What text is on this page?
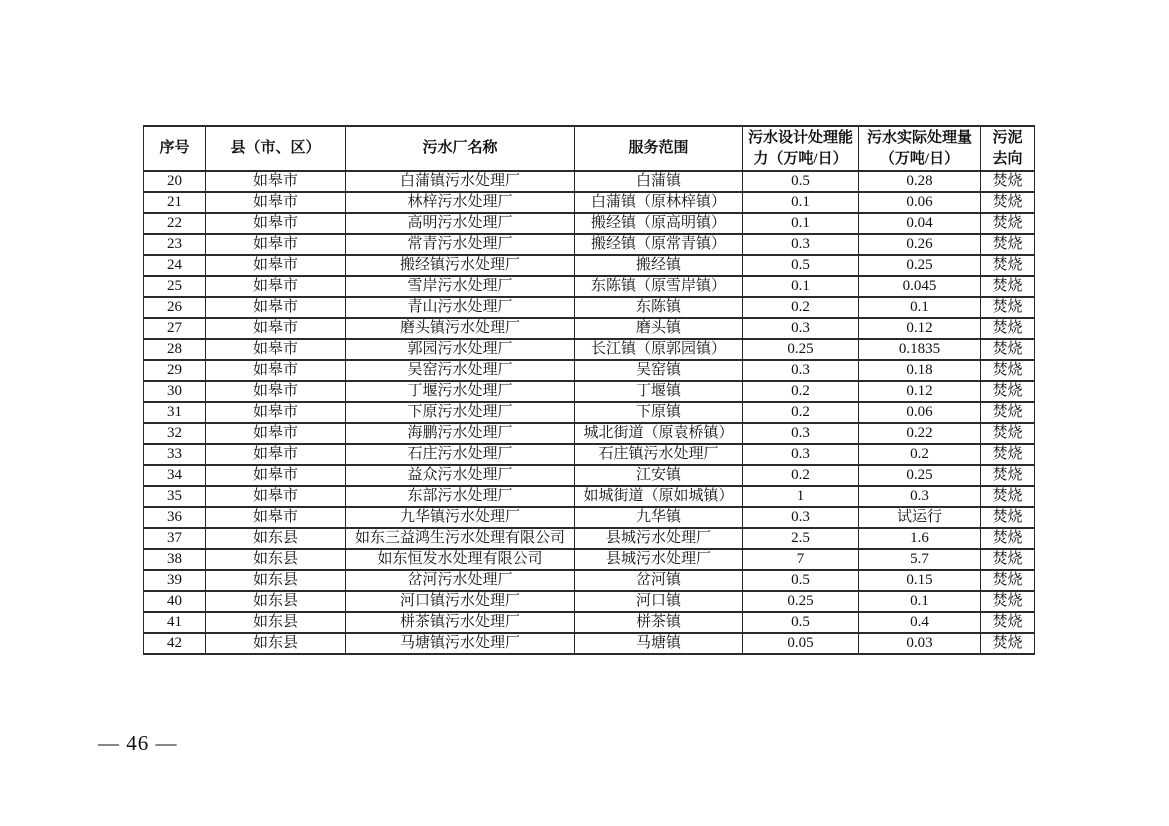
序号	县（市、区）	污水厂名称	服务范围	污水设计处理能力（万吨/日）	污水实际处理量（万吨/日）	污泥去向
20	如皋市	白蒲镇污水处理厂	白蒲镇	0.5	0.28	焚烧
21	如皋市	林梓污水处理厂	白蒲镇（原林梓镇）	0.1	0.06	焚烧
22	如皋市	高明污水处理厂	搬经镇（原高明镇）	0.1	0.04	焚烧
23	如皋市	常青污水处理厂	搬经镇（原常青镇）	0.3	0.26	焚烧
24	如皋市	搬经镇污水处理厂	搬经镇	0.5	0.25	焚烧
25	如皋市	雪岸污水处理厂	东陈镇（原雪岸镇）	0.1	0.045	焚烧
26	如皋市	青山污水处理厂	东陈镇	0.2	0.1	焚烧
27	如皋市	磨头镇污水处理厂	磨头镇	0.3	0.12	焚烧
28	如皋市	郭园污水处理厂	长江镇（原郭园镇）	0.25	0.1835	焚烧
29	如皋市	吴窑污水处理厂	吴窑镇	0.3	0.18	焚烧
30	如皋市	丁堰污水处理厂	丁堰镇	0.2	0.12	焚烧
31	如皋市	下原污水处理厂	下原镇	0.2	0.06	焚烧
32	如皋市	海鹏污水处理厂	城北街道（原袁桥镇）	0.3	0.22	焚烧
33	如皋市	石庄污水处理厂	石庄镇污水处理厂	0.3	0.2	焚烧
34	如皋市	益众污水处理厂	江安镇	0.2	0.25	焚烧
35	如皋市	东部污水处理厂	如城街道（原如城镇）	1	0.3	焚烧
36	如皋市	九华镇污水处理厂	九华镇	0.3	试运行	焚烧
37	如东县	如东三益鸿生污水处理有限公司	县城污水处理厂	2.5	1.6	焚烧
38	如东县	如东恒发水处理有限公司	县城污水处理厂	7	5.7	焚烧
39	如东县	岔河污水处理厂	岔河镇	0.5	0.15	焚烧
40	如东县	河口镇污水处理厂	河口镇	0.25	0.1	焚烧
41	如东县	栟茶镇污水处理厂	栟茶镇	0.5	0.4	焚烧
42	如东县	马塘镇污水处理厂	马塘镇	0.05	0.03	焚烧
— 46 —
